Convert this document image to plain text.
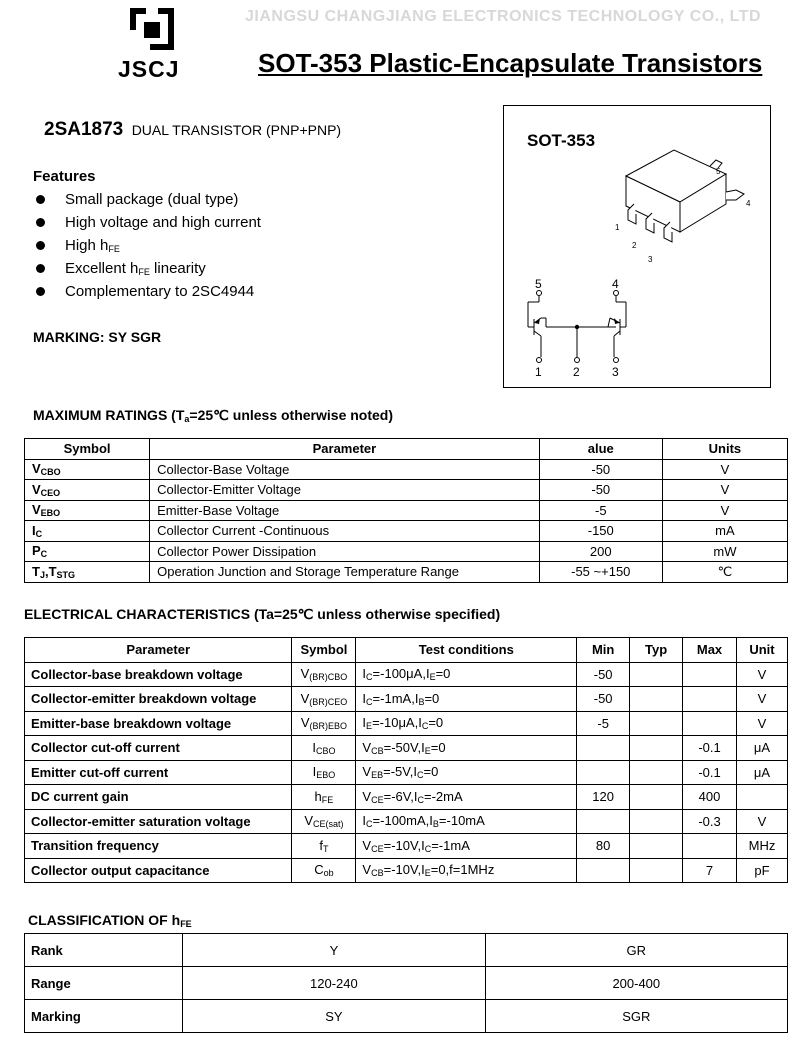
JSCJ
JIANGSU CHANGJIANG ELECTRONICS TECHNOLOGY CO., LTD
SOT-353 Plastic-Encapsulate Transistors
2SA1873 DUAL TRANSISTOR (PNP+PNP)
Features
Small package (dual type)
High voltage and high current
High $h_{FE}$
Excellent $h_{FE}$ linearity
Complementary to 2SC4944
MARKING: SY SGR
SOT-353
1
2
3
4
5
5	4
1	2	3
MAXIMUM RATINGS ($T_a=25℃$ unless otherwise noted)
Symbol	Parameter	alue	Units
$V_{CBO}$	Collector-Base Voltage	-50	V
$V_{CEO}$	Collector-Emitter Voltage	-50	V
$V_{EBO}$	Emitter-Base Voltage	-5	V
$I_C$	Collector Current -Continuous	-150	mA
$P_C$	Collector Power Dissipation	200	mW
$T_J,T_{STG}$	Operation Junction and Storage Temperature Range	-55 ~+150	℃
ELECTRICAL CHARACTERISTICS (Ta=25℃ unless otherwise specified)
Parameter	Symbol	Test conditions	Min	Typ	Max	Unit
Collector-base breakdown voltage	$V_{(BR)CBO}$	$I_C=-100\mu A,I_E=0$	-50			V
Collector-emitter breakdown voltage	$V_{(BR)CEO}$	$I_C=-1mA,I_B=0$	-50			V
Emitter-base breakdown voltage	$V_{(BR)EBO}$	$I_E=-10\mu A,I_C=0$	-5			V
Collector cut-off current	$I_{CBO}$	$V_{CB}=-50V,I_E=0$			-0.1	μA
Emitter cut-off current	$I_{EBO}$	$V_{EB}=-5V,I_C=0$			-0.1	μA
DC current gain	$h_{FE}$	$V_{CE}=-6V,I_C=-2mA$	120		400	
Collector-emitter saturation voltage	$V_{CE(sat)}$	$I_C=-100mA,I_B=-10mA$			-0.3	V
Transition frequency	$f_T$	$V_{CE}=-10V,I_C=-1mA$	80			MHz
Collector output capacitance	$C_{ob}$	$V_{CB}=-10V,I_E=0,f=1MHz$			7	pF
CLASSIFICATION OF $h_{FE}$
Rank	Y	GR
Range	120-240	200-400
Marking	SY	SGR
